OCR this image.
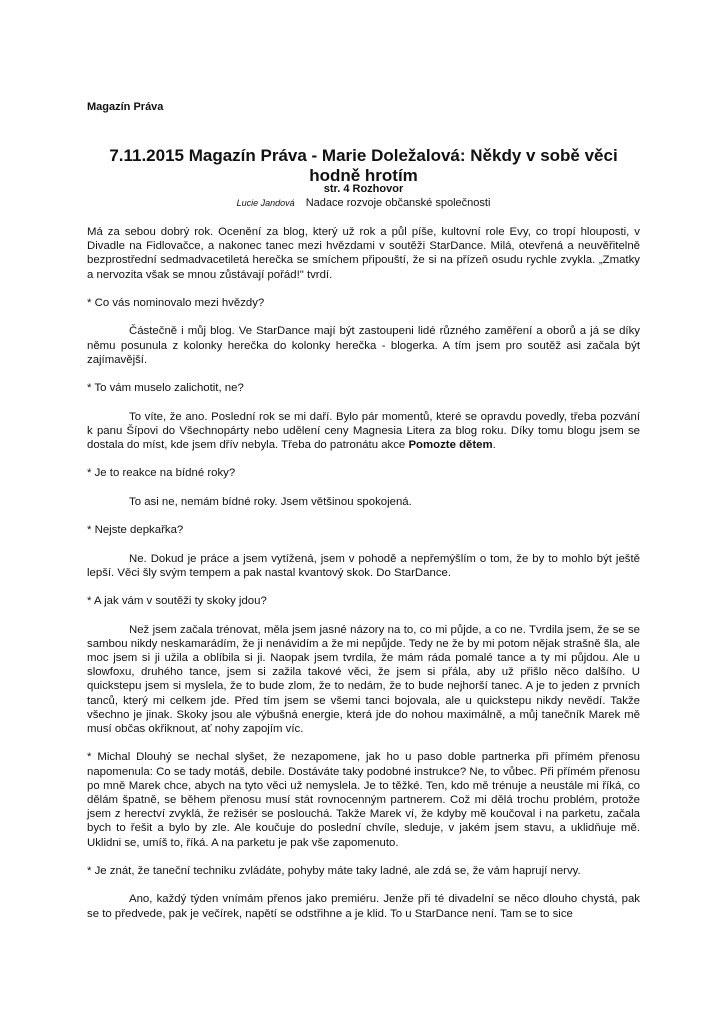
Magazín Práva
7.11.2015 Magazín Práva - Marie Doležalová: Někdy v sobě věci hodně hrotím
str. 4 Rozhovor
Lucie Jandová Nadace rozvoje občanské společnosti

Má za sebou dobrý rok. Ocenění za blog, který už rok a půl píše, kultovní role Evy, co tropí hlouposti, v Divadle na Fidlovačce, a nakonec tanec mezi hvězdami v soutěži StarDance. Milá, otevřená a neuvěřitelně bezprostřední sedmadvacetiletá herečka se smíchem připouští, že si na přízeň osudu rychle zvykla. „Zmatky a nervozita však se mnou zůstávají pořád!" tvrdí.

* Co vás nominovalo mezi hvězdy?

Částečně i můj blog. Ve StarDance mají být zastoupeni lidé různého zaměření a oborů a já se díky němu posunula z kolonky herečka do kolonky herečka - blogerka. A tím jsem pro soutěž asi začala být zajímavější.

* To vám muselo zalichotit, ne?

To víte, že ano. Poslední rok se mi daří. Bylo pár momentů, které se opravdu povedly, třeba pozvání k panu Šípovi do Všechnopárty nebo udělení ceny Magnesia Litera za blog roku. Díky tomu blogu jsem se dostala do míst, kde jsem dřív nebyla. Třeba do patronátu akce Pomozte dětem.

* Je to reakce na bídné roky?

To asi ne, nemám bídné roky. Jsem většinou spokojená.

* Nejste depkařka?

Ne. Dokud je práce a jsem vytížená, jsem v pohodě a nepřemýšlím o tom, že by to mohlo být ještě lepší. Věci šly svým tempem a pak nastal kvantový skok. Do StarDance.

* A jak vám v soutěži ty skoky jdou?

Než jsem začala trénovat, měla jsem jasné názory na to, co mi půjde, a co ne. Tvrdila jsem, že se se sambou nikdy neskamarádím, že ji nenávidím a že mi nepůjde. Tedy ne že by mi potom nějak strašně šla, ale moc jsem si ji užila a oblíbila si ji. Naopak jsem tvrdila, že mám ráda pomalé tance a ty mi půjdou. Ale u slowfoxu, druhého tance, jsem si zažila takové věci, že jsem si přála, aby už přišlo něco dalšího. U quickstepu jsem si myslela, že to bude zlom, že to nedám, že to bude nejhorší tanec. A je to jeden z prvních tanců, který mi celkem jde. Před tím jsem se všemi tanci bojovala, ale u quickstepu nikdy nevědí. Takže všechno je jinak. Skoky jsou ale výbušná energie, která jde do nohou maximálně, a můj tanečník Marek mě musí občas okřiknout, ať nohy zapojím víc.

* Michal Dlouhý se nechal slyšet, že nezapomene, jak ho u paso doble partnerka při přímém přenosu napomenula: Co se tady motáš, debile. Dostáváte taky podobné instrukce? Ne, to vůbec. Při přímém přenosu po mně Marek chce, abych na tyto věci už nemyslela. Je to těžké. Ten, kdo mě trénuje a neustále mi říká, co dělám špatně, se během přenosu musí stát rovnocenným partnerem. Což mi dělá trochu problém, protože jsem z herectví zvyklá, že režisér se poslouchá. Takže Marek ví, že kdyby mě koučoval i na parketu, začala bych to řešit a bylo by zle. Ale koučuje do poslední chvíle, sleduje, v jakém jsem stavu, a uklidňuje mě. Uklidni se, umíš to, říká. A na parketu je pak vše zapomenuto.

* Je znát, že taneční techniku zvládáte, pohyby máte taky ladné, ale zdá se, že vám haprují nervy.

Ano, každý týden vnímám přenos jako premiéru. Jenže při té divadelní se něco dlouho chystá, pak se to předvede, pak je večírek, napětí se odstřihne a je klid. To u StarDance není. Tam se to sice
